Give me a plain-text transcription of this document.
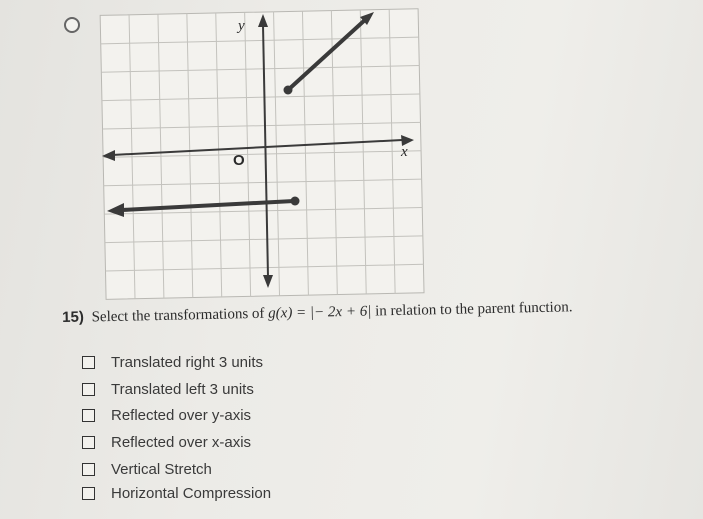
y
x
O
15) Select the transformations of g(x) = |− 2x + 6| in relation to the parent function.
Translated right 3 units
Translated left 3 units
Reflected over y-axis
Reflected over x-axis
Vertical Stretch
Horizontal Compression
